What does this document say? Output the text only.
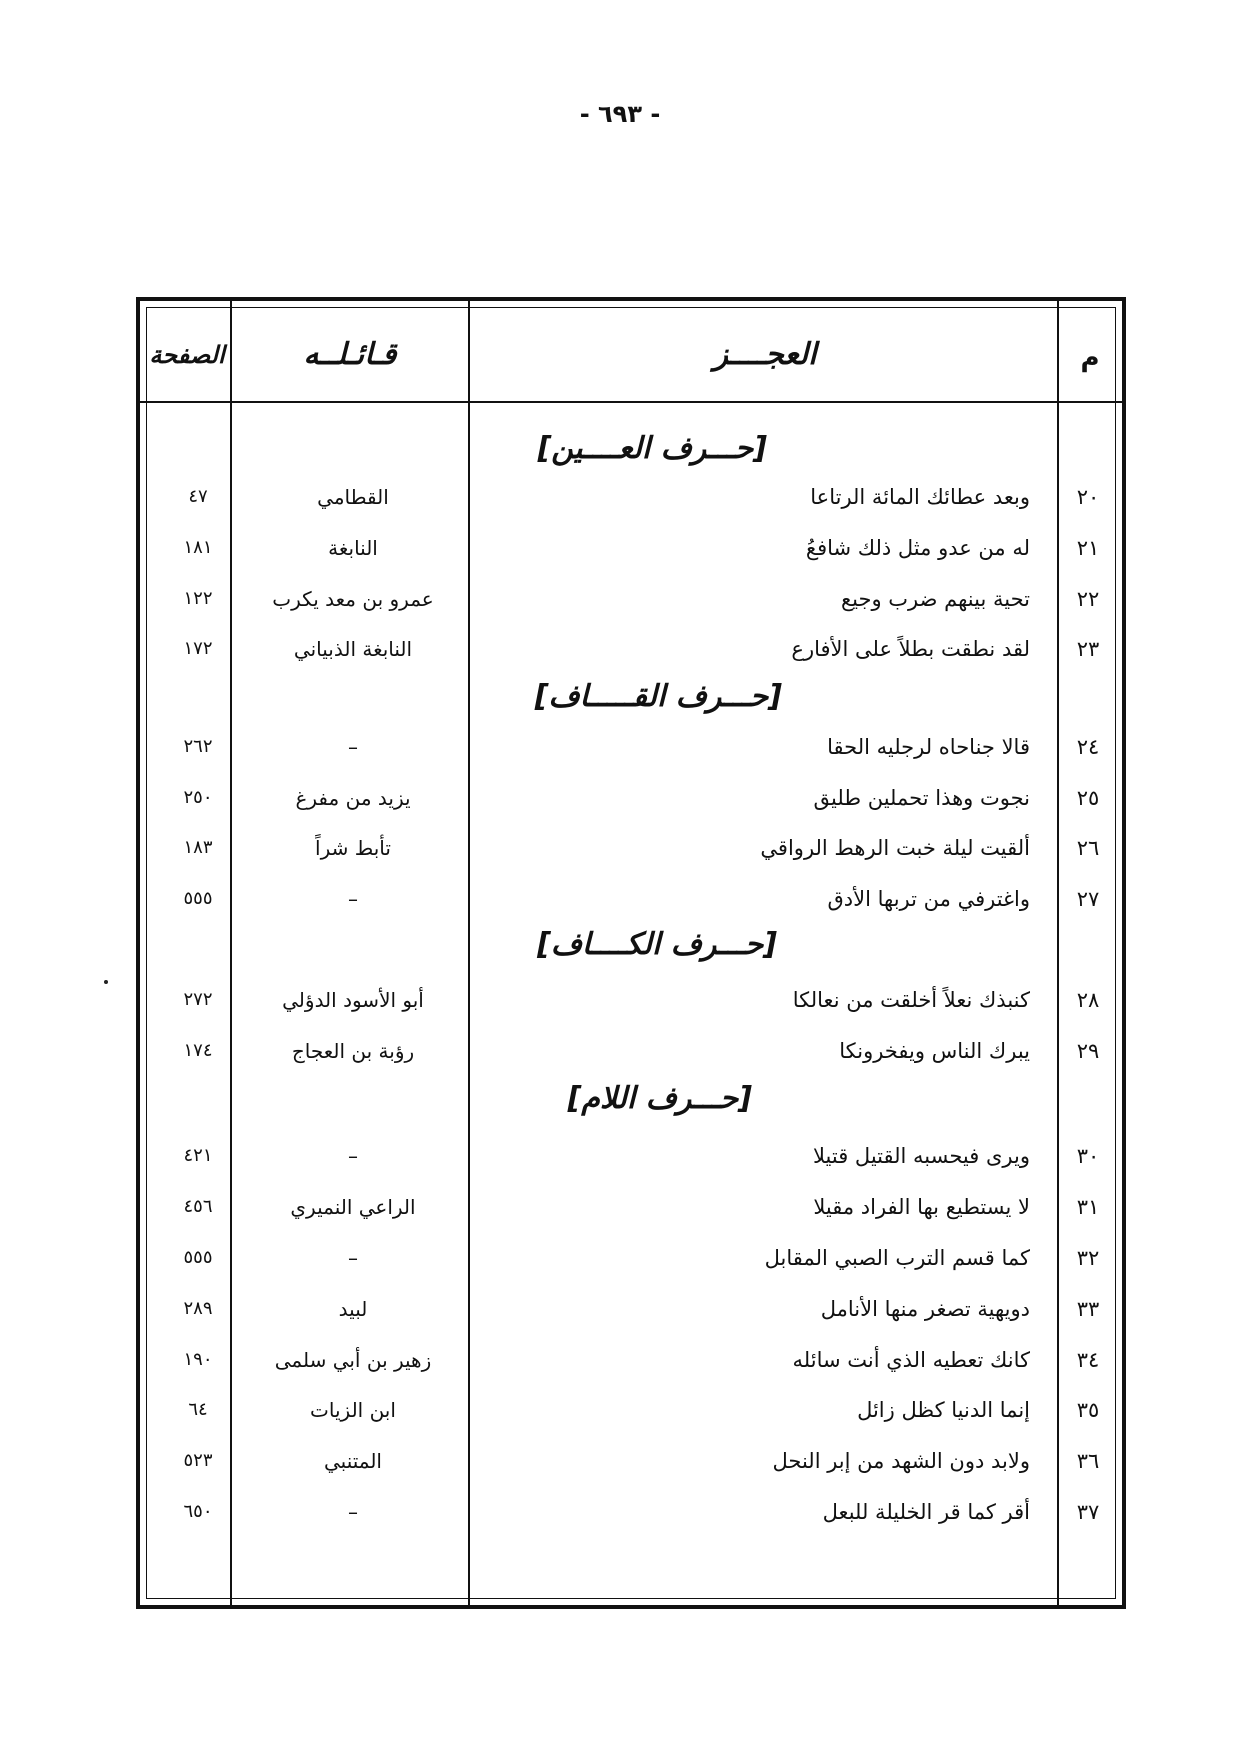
- ٦٩٣ -
م
العجــــز
قـائـلــه
الصفحة
[حـــرف العــــين]
٢٠
وبعد عطائك المائة الرتاعا
القطامي
٤٧
٢١
له من عدو مثل ذلك شافعُ
النابغة
١٨١
٢٢
تحية بينهم ضرب وجيع
عمرو بن معد يكرب
١٢٢
٢٣
لقد نطقت بطلاً على الأفارع
النابغة الذبياني
١٧٢
[حـــرف القـــــاف]
٢٤
قالا جناحاه لرجليه الحقا
–
٢٦٢
٢٥
نجوت وهذا تحملين طليق
يزيد من مفرغ
٢٥٠
٢٦
ألقيت ليلة خبت الرهط الرواقي
تأبط شراً
١٨٣
٢٧
واغترفي من تربها الأدق
–
٥٥٥
[حـــرف الكــــاف]
٢٨
كنبذك نعلاً أخلقت من نعالكا
أبو الأسود الدؤلي
٢٧٢
٢٩
يبرك الناس ويفخرونكا
رؤبة بن العجاج
١٧٤
[حـــرف اللام]
٣٠
ويرى فيحسبه القتيل قتيلا
–
٤٢١
٣١
لا يستطيع بها الفراد مقيلا
الراعي النميري
٤٥٦
٣٢
كما قسم الترب الصبي المقابل
–
٥٥٥
٣٣
دويهية تصغر منها الأنامل
لبيد
٢٨٩
٣٤
كانك تعطيه الذي أنت سائله
زهير بن أبي سلمى
١٩٠
٣٥
إنما الدنيا كظل زائل
ابن الزيات
٦٤
٣٦
ولابد دون الشهد من إبر النحل
المتنبي
٥٢٣
٣٧
أقر كما قر الخليلة للبعل
–
٦٥٠
